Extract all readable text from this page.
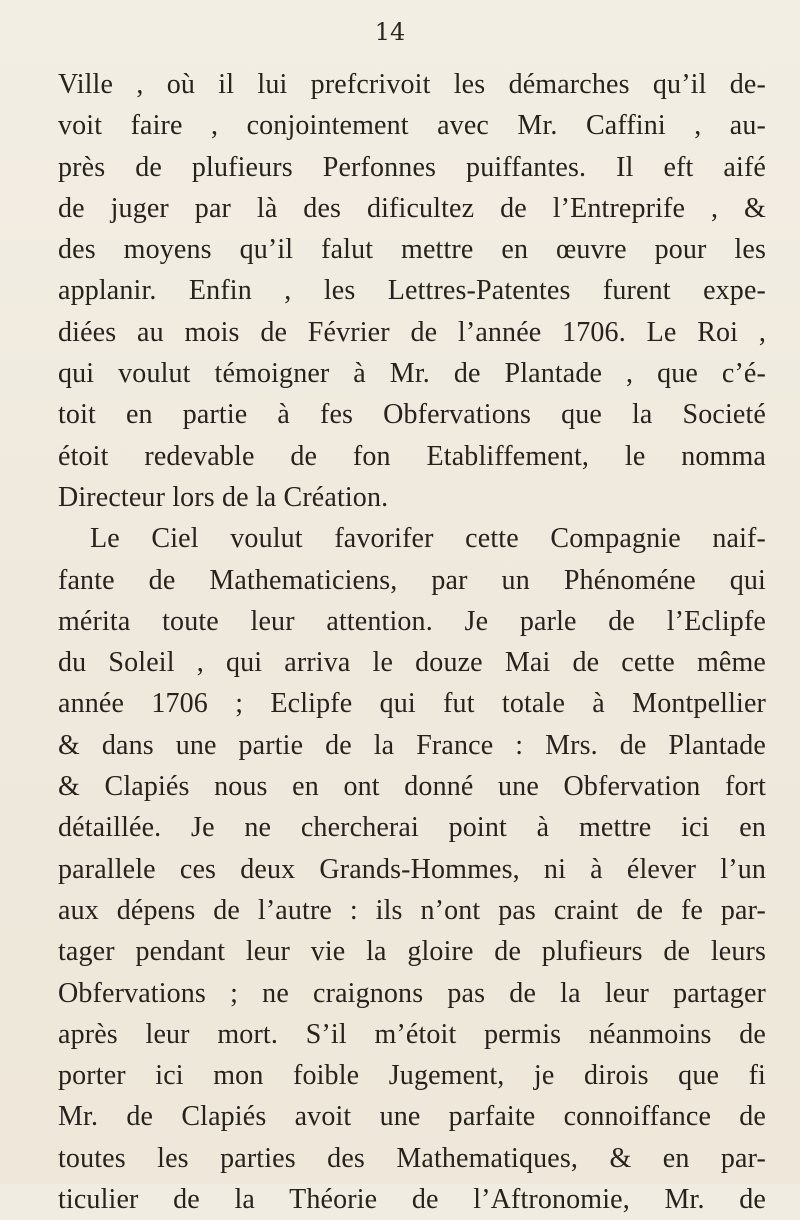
14
Ville , où il lui prefcrivoit les démarches qu’il de-
voit faire , conjointement avec Mr. Caffini , au-
près de plufieurs Perfonnes puiffantes. Il eft aifé
de juger par là des dificultez de l’Entreprife , &
des moyens qu’il falut mettre en œuvre pour les
applanir. Enfin , les Lettres-Patentes furent expe-
diées au mois de Février de l’année 1706. Le Roi ,
qui voulut témoigner à Mr. de Plantade , que c’é-
toit en partie à fes Obfervations que la Societé
étoit redevable de fon Etabliffement, le nomma
Directeur lors de la Création.
Le Ciel voulut favorifer cette Compagnie naif-
fante de Mathematiciens, par un Phénoméne qui
mérita toute leur attention. Je parle de l’Eclipfe
du Soleil , qui arriva le douze Mai de cette même
année 1706 ; Eclipfe qui fut totale à Montpellier
& dans une partie de la France : Mrs. de Plantade
& Clapiés nous en ont donné une Obfervation fort
détaillée. Je ne chercherai point à mettre ici en
parallele ces deux Grands-Hommes, ni à élever l’un
aux dépens de l’autre : ils n’ont pas craint de fe par-
tager pendant leur vie la gloire de plufieurs de leurs
Obfervations ; ne craignons pas de la leur partager
après leur mort. S’il m’étoit permis néanmoins de
porter ici mon foible Jugement, je dirois que fi
Mr. de Clapiés avoit une parfaite connoiffance de
toutes les parties des Mathematiques, & en par-
ticulier de la Théorie de l’Aftronomie, Mr. de
